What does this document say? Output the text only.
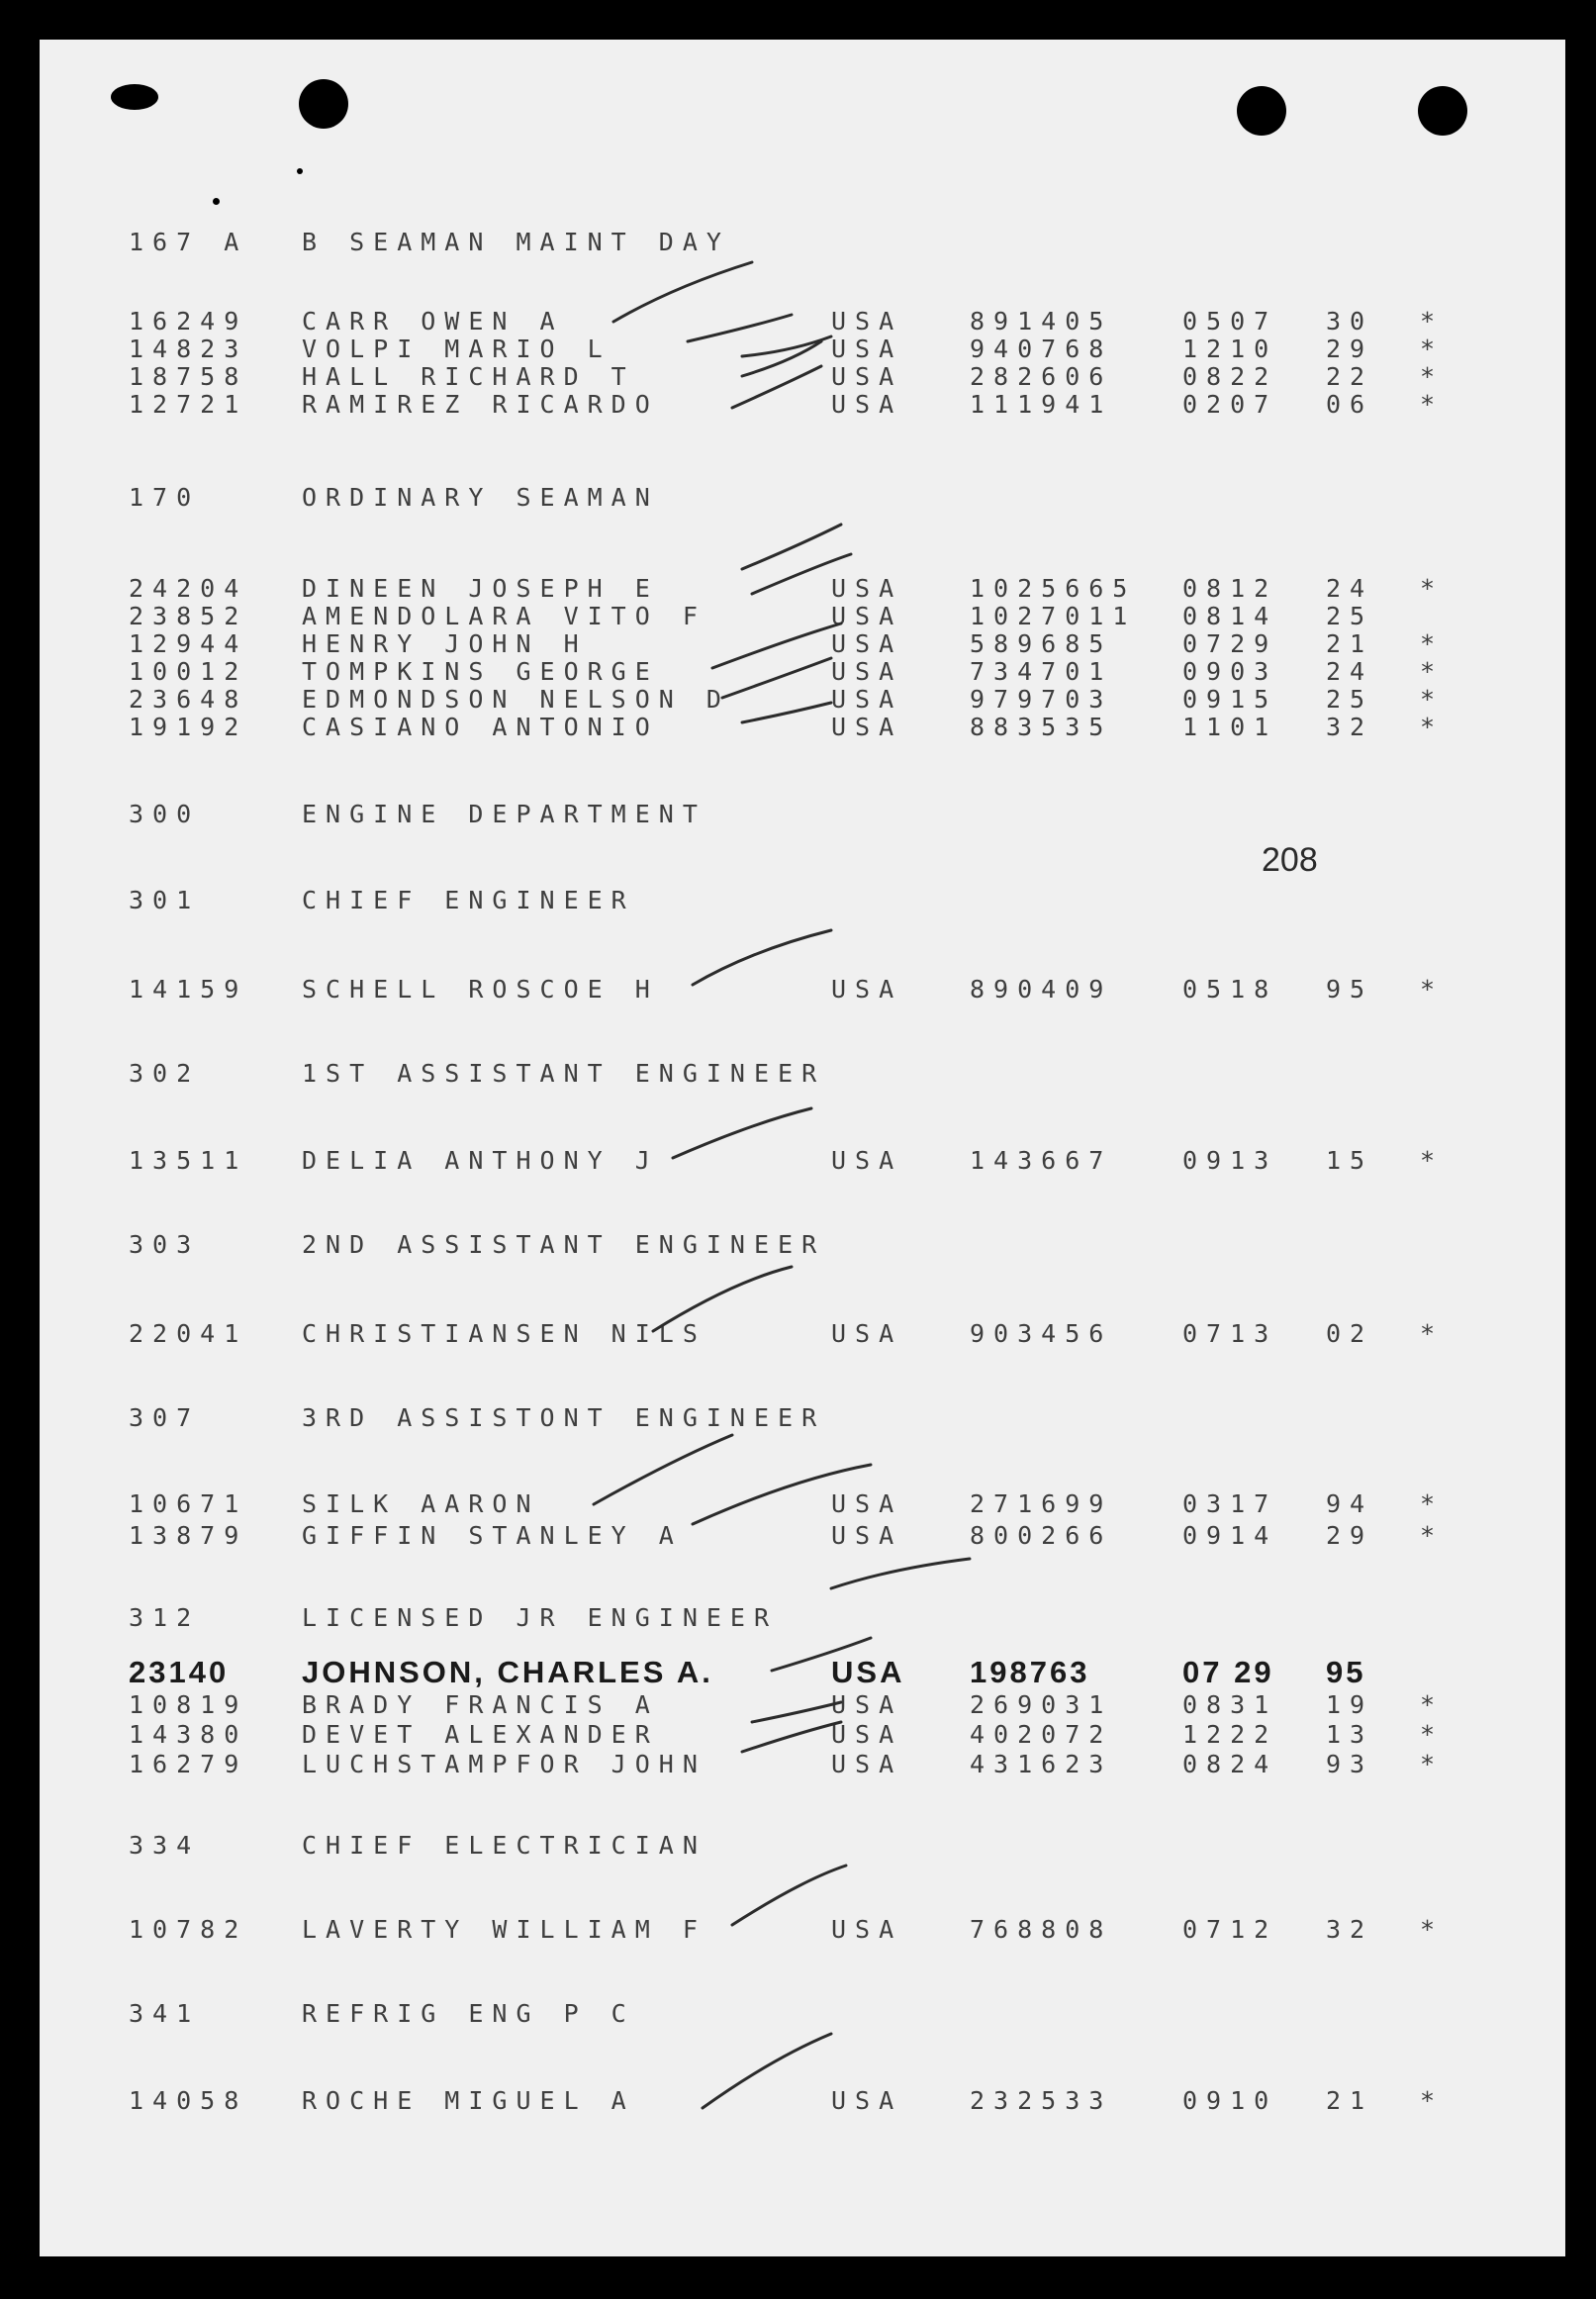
208
167 A B SEAMAN MAINT DAY
16249 CARR OWEN A	USA	891405	0507 30 *
14823 VOLPI MARIO L	USA	940768	1210 29 *
18758 HALL RICHARD T	USA	282606	0822 22 *
12721 RAMIREZ RICARDO	USA	111941	0207 06 *
170	ORDINARY SEAMAN
24204 DINEEN JOSEPH E	USA	1025665 0812 24 *
23852 AMENDOLARA VITO F	USA	1027011 0814 25
12944 HENRY JOHN H	USA	589685	0729 21 *
10012 TOMPKINS GEORGE	USA	734701	0903 24 *
23648 EDMONDSON NELSON D	USA	979703	0915 25 *
19192 CASIANO ANTONIO	USA	883535	1101 32 *
300	ENGINE DEPARTMENT
301	CHIEF ENGINEER
14159 SCHELL ROSCOE H	USA	890409	0518 95 *
302	1ST ASSISTANT ENGINEER
13511 DELIA ANTHONY J	USA	143667	0913 15 *
303	2ND ASSISTANT ENGINEER
22041 CHRISTIANSEN NILS	USA	903456	0713 02 *
307	3RD ASSISTONT ENGINEER
10671 SILK AARON	USA	271699	0317 94 *
13879 GIFFIN STANLEY A	USA	800266	0914 29 *
312	LICENSED JR ENGINEER
23140 JOHNSON, CHARLES A.	USA 198763	07 29 95
10819 BRADY FRANCIS A	USA	269031	0831 19 *
14380 DEVET ALEXANDER	USA	402072	1222 13 *
16279 LUCHSTAMPFOR JOHN	USA	431623	0824 93 *
334	CHIEF ELECTRICIAN
10782 LAVERTY WILLIAM F	USA	768808	0712 32 *
341	REFRIG ENG P C
14058 ROCHE MIGUEL A	USA	232533	0910 21 *
